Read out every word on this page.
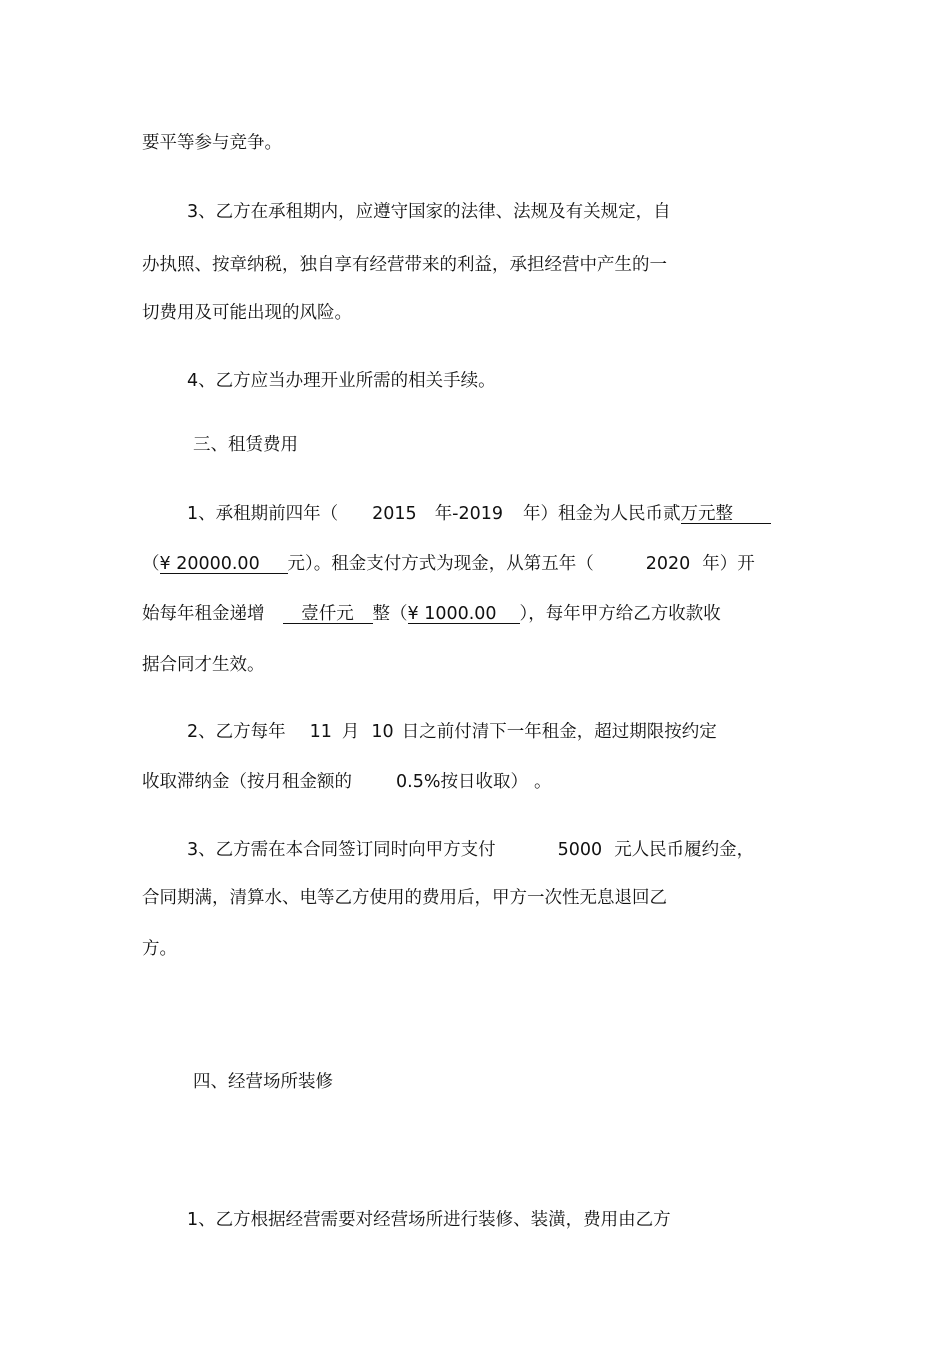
要平等参与竞争。
3、乙方在承租期内，应遵守国家的法律、法规及有关规定，自
办执照、按章纳税，独自享有经营带来的利益，承担经营中产生的一
切费用及可能出现的风险。
4、乙方应当办理开业所需的相关手续。
三、租赁费用
1、承租期前四年（ 2015 年-2019 年）租金为人民币贰万元整
（¥ 20000.00 元）。租金支付方式为现金，从第五年（	2020 年）开
始每年租金递增 壹仟元 整（¥ 1000.00 ），每年甲方给乙方收款收
据合同才生效。
2、乙方每年 11 月 10 日之前付清下一年租金，超过期限按约定
收取滞纳金（按月租金额的	0.5%按日收取） 。
3、乙方需在本合同签订同时向甲方支付	5000 元人民币履约金，
合同期满，清算水、电等乙方使用的费用后，甲方一次性无息退回乙
方。
四、经营场所装修
1、乙方根据经营需要对经营场所进行装修、装潢，费用由乙方
